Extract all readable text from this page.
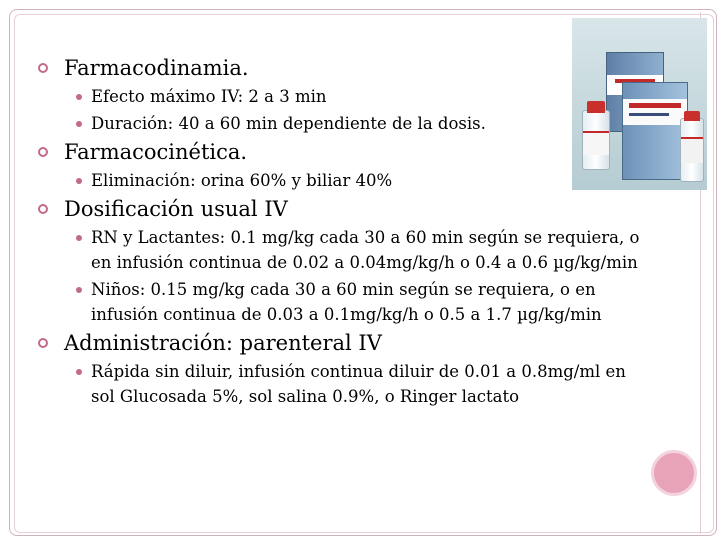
Farmacodinamia.
Efecto máximo IV: 2 a 3 min
Duración: 40 a 60 min dependiente de la dosis.
Farmacocinética.
Eliminación: orina 60% y biliar 40%
Dosificación usual IV
RN y Lactantes: 0.1 mg/kg cada 30 a 60 min según se requiera, o en infusión continua de 0.02 a 0.04mg/kg/h o 0.4 a 0.6 µg/kg/min
Niños: 0.15 mg/kg cada 30 a 60 min según se requiera, o en infusión continua de 0.03 a 0.1mg/kg/h o 0.5 a 1.7 µg/kg/min
Administración: parenteral IV
Rápida sin diluir, infusión continua diluir de 0.01 a 0.8mg/ml en sol Glucosada 5%, sol salina 0.9%, o Ringer lactato
